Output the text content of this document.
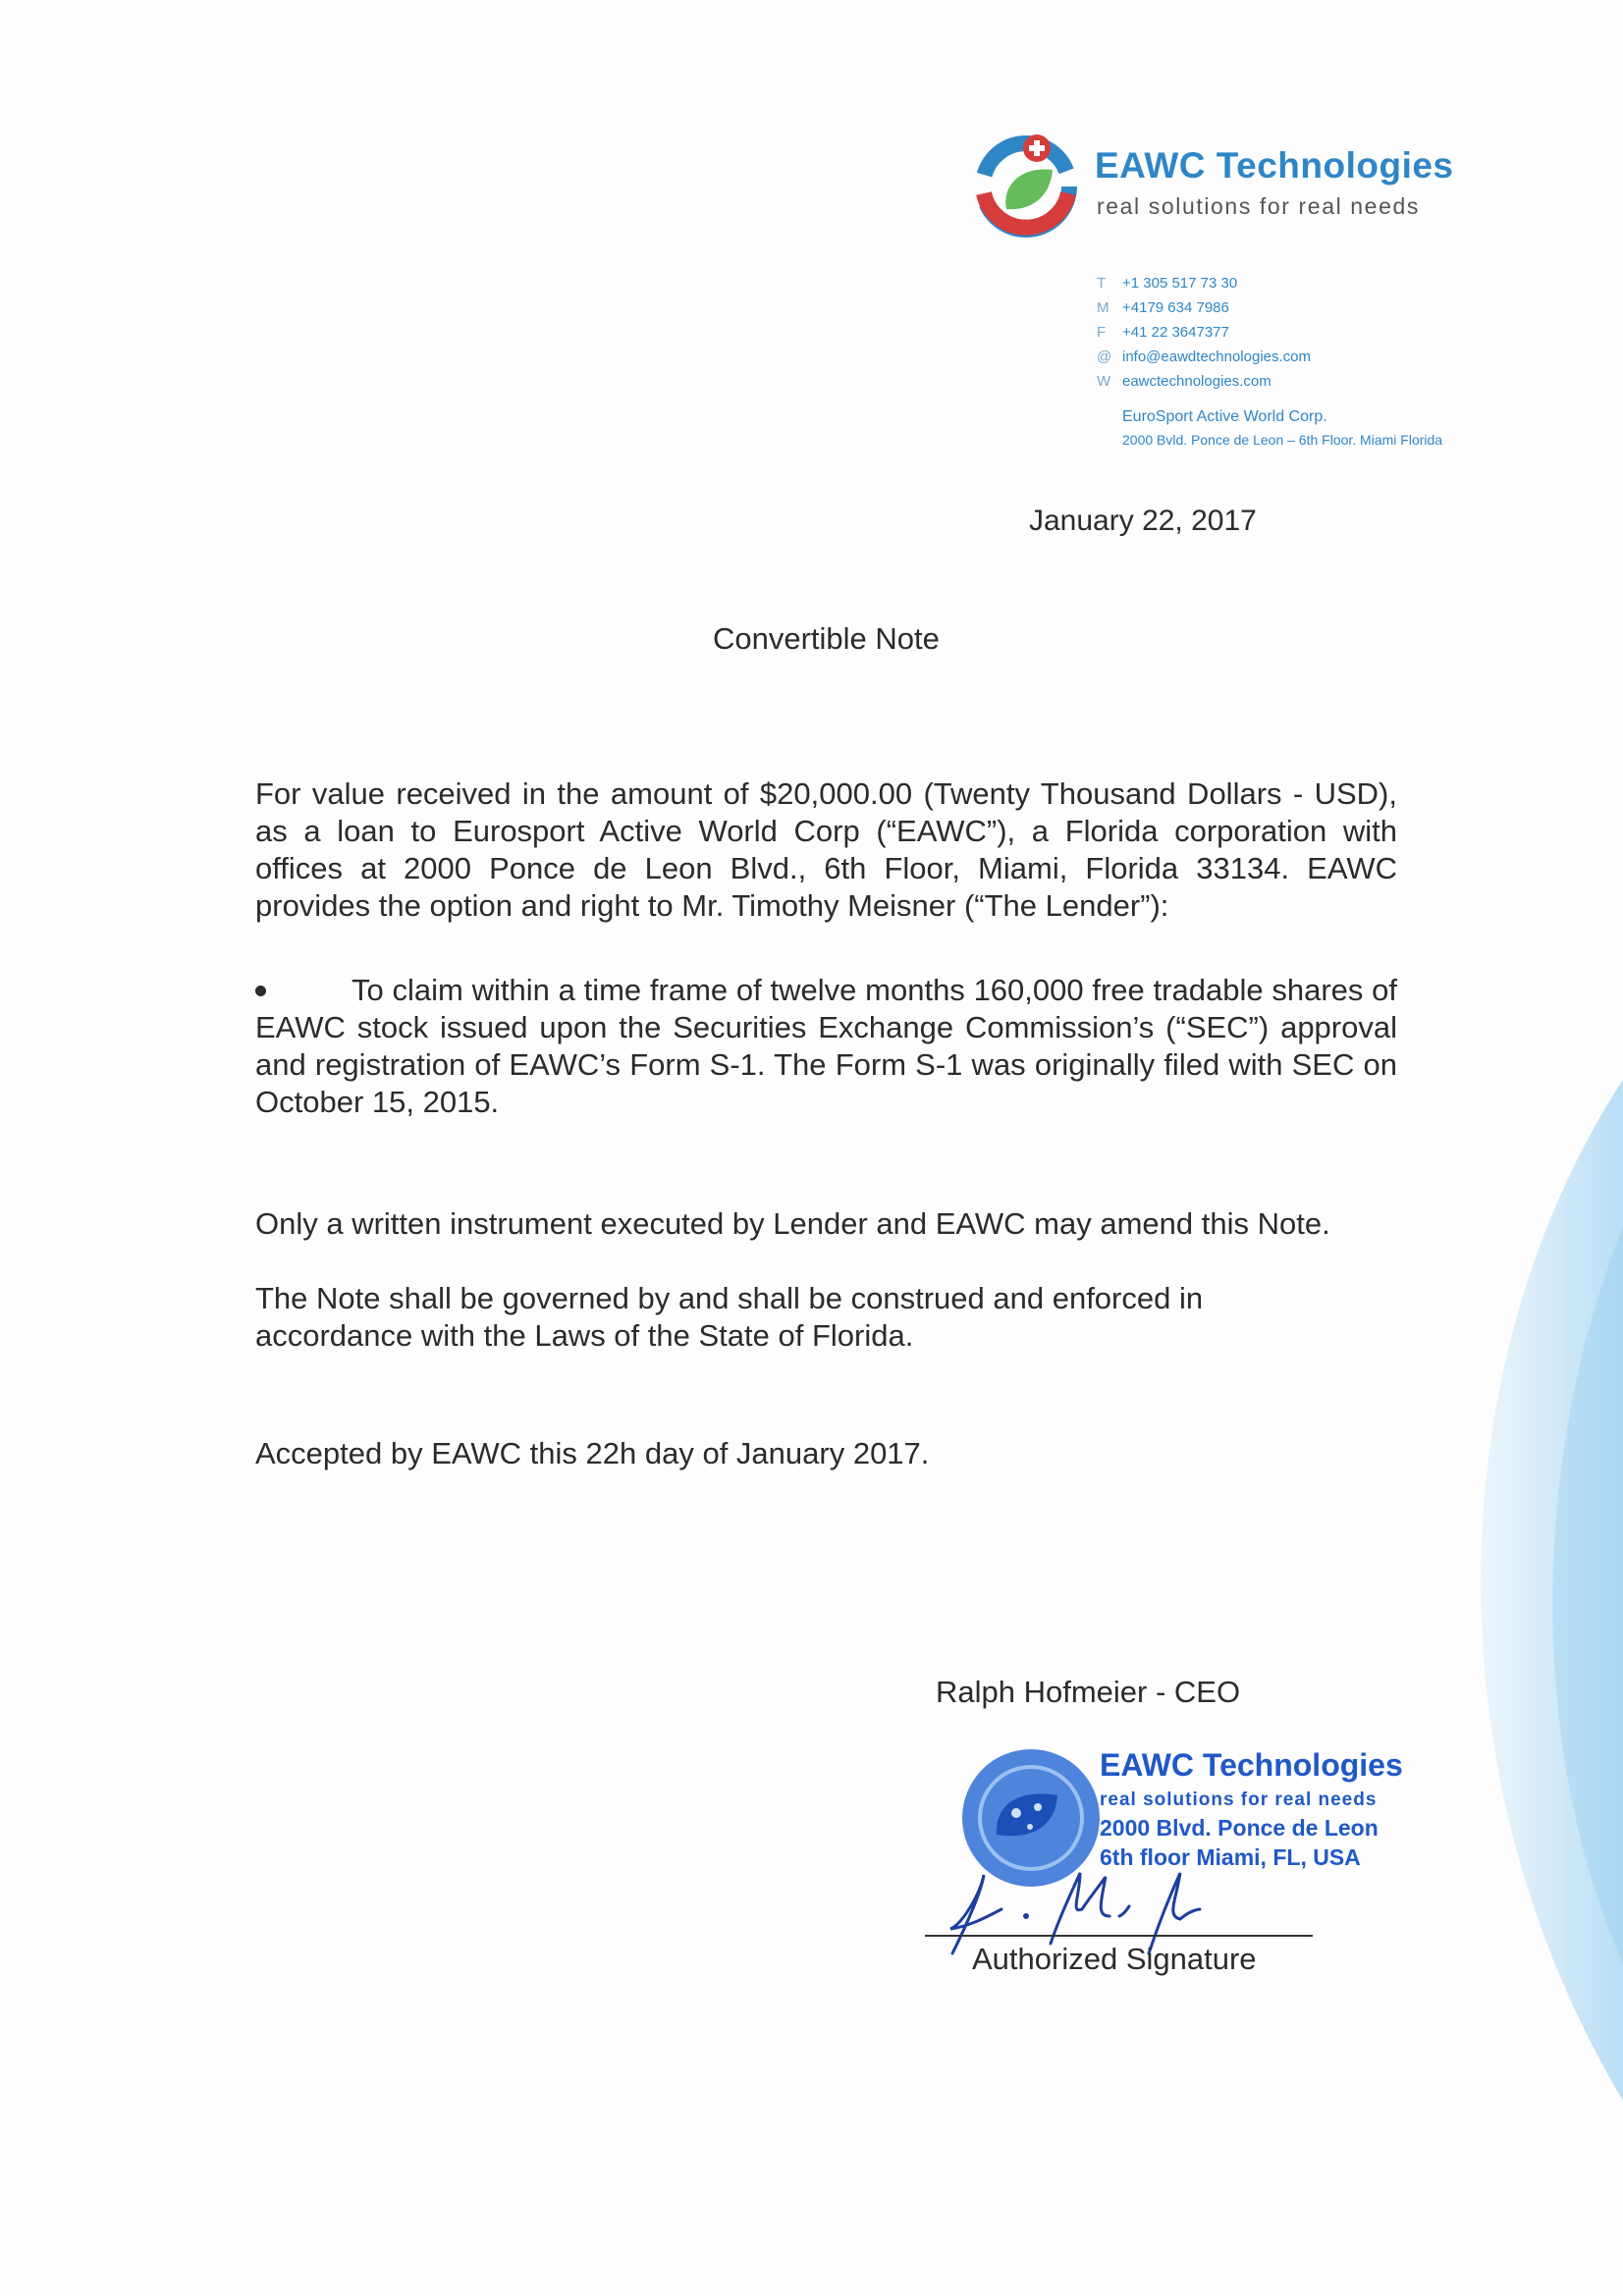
EAWC Technologies
real solutions for real needs
T +1 305 517 73 30
M +4179 634 7986
F +41 22 3647377
@ info@eawdtechnologies.com
W eawctechnologies.com
EuroSport Active World Corp.
2000 Bvld. Ponce de Leon – 6th Floor. Miami Florida
January 22, 2017
Convertible Note

For value received in the amount of $20,000.00 (Twenty Thousand Dollars - USD), as a loan to Eurosport Active World Corp (“EAWC”), a Florida corporation with offices at 2000 Ponce de Leon Blvd., 6th Floor, Miami, Florida 33134. EAWC provides the option and right to Mr. Timothy Meisner (“The Lender”):

To claim within a time frame of twelve months 160,000 free tradable shares of EAWC stock issued upon the Securities Exchange Commission’s (“SEC”) approval and registration of EAWC’s Form S-1. The Form S-1 was originally filed with SEC on October 15, 2015.

Only a written instrument executed by Lender and EAWC may amend this Note.

The Note shall be governed by and shall be construed and enforced in accordance with the Laws of the State of Florida.

Accepted by EAWC this 22h day of January 2017.

Ralph Hofmeier - CEO
EAWC Technologies
real solutions for real needs
2000 Blvd. Ponce de Leon
6th floor Miami, FL, USA
Authorized Signature
